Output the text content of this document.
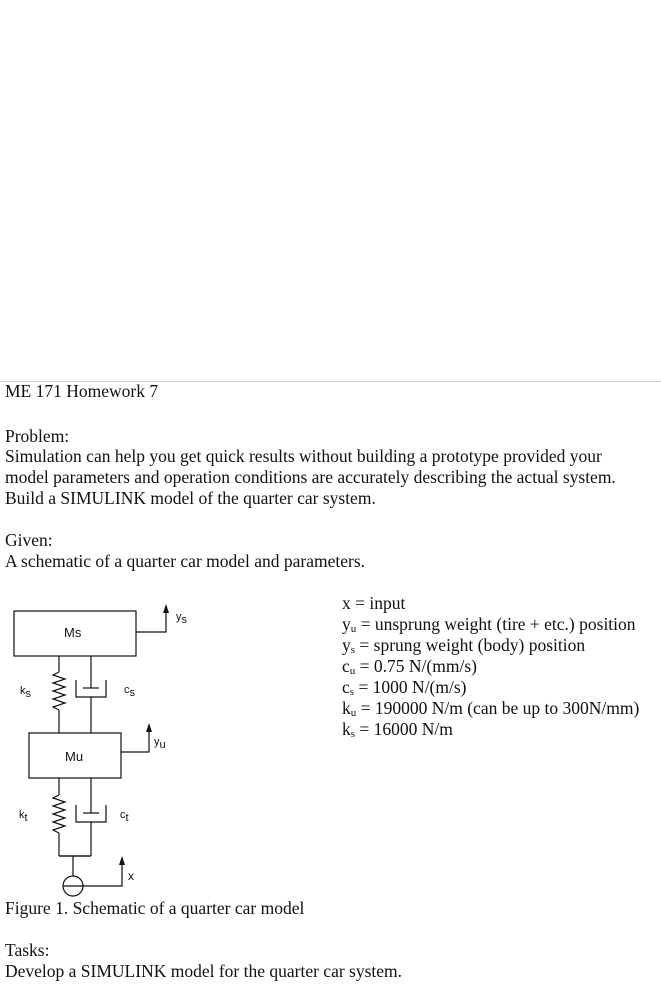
ME 171 Homework 7
Problem:
Simulation can help you get quick results without building a prototype provided your
model parameters and operation conditions are accurately describing the actual system.
Build a SIMULINK model of the quarter car system.
Given:
A schematic of a quarter car model and parameters.
x = input
$y_u$ = unsprung weight (tire + etc.) position
$y_s$ = sprung weight (body) position
$c_u = 0.75$ N/(mm/s)
$c_s = 1000$ N/(m/s)
$k_u = 190000$ N/m (can be up to 300N/mm)
$k_s = 16000$ N/m
Ms
Mu
ks	cs
kt	ct
ys
yu
x
Figure 1. Schematic of a quarter car model
Tasks:
Develop a SIMULINK model for the quarter car system.
